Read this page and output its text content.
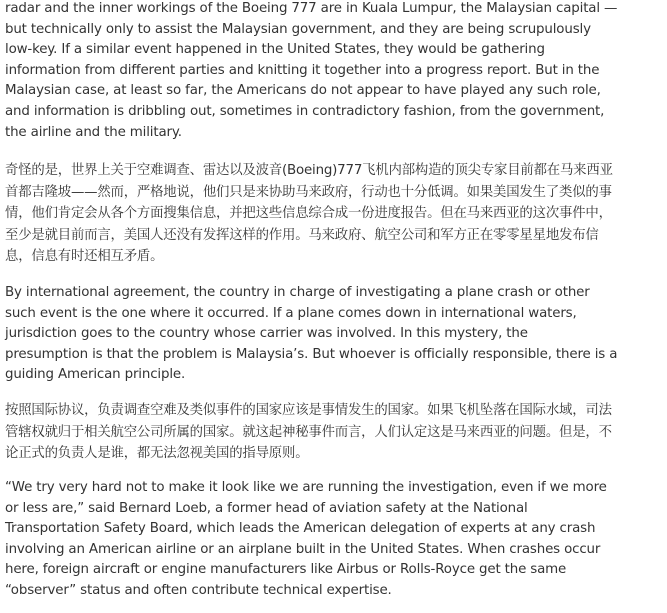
radar and the inner workings of the Boeing 777 are in Kuala Lumpur, the Malaysian capital —
but technically only to assist the Malaysian government, and they are being scrupulously
low-key. If a similar event happened in the United States, they would be gathering
information from different parties and knitting it together into a progress report. But in the
Malaysian case, at least so far, the Americans do not appear to have played any such role,
and information is dribbling out, sometimes in contradictory fashion, from the government,
the airline and the military.

奇怪的是，世界上关于空难调查、雷达以及波音(Boeing)777飞机内部构造的顶尖专家目前都在马来西亚
首都吉隆坡——然而，严格地说，他们只是来协助马来政府，行动也十分低调。如果美国发生了类似的事
情，他们肯定会从各个方面搜集信息，并把这些信息综合成一份进度报告。但在马来西亚的这次事件中，
至少是就目前而言，美国人还没有发挥这样的作用。马来政府、航空公司和军方正在零零星星地发布信
息，信息有时还相互矛盾。

By international agreement, the country in charge of investigating a plane crash or other
such event is the one where it occurred. If a plane comes down in international waters,
jurisdiction goes to the country whose carrier was involved. In this mystery, the
presumption is that the problem is Malaysia’s. But whoever is officially responsible, there is a
guiding American principle.

按照国际协议，负责调查空难及类似事件的国家应该是事情发生的国家。如果飞机坠落在国际水域，司法
管辖权就归于相关航空公司所属的国家。就这起神秘事件而言，人们认定这是马来西亚的问题。但是，不
论正式的负责人是谁，都无法忽视美国的指导原则。

“We try very hard not to make it look like we are running the investigation, even if we more
or less are,” said Bernard Loeb, a former head of aviation safety at the National
Transportation Safety Board, which leads the American delegation of experts at any crash
involving an American airline or an airplane built in the United States. When crashes occur
here, foreign aircraft or engine manufacturers like Airbus or Rolls-Royce get the same
“observer” status and often contribute technical expertise.
